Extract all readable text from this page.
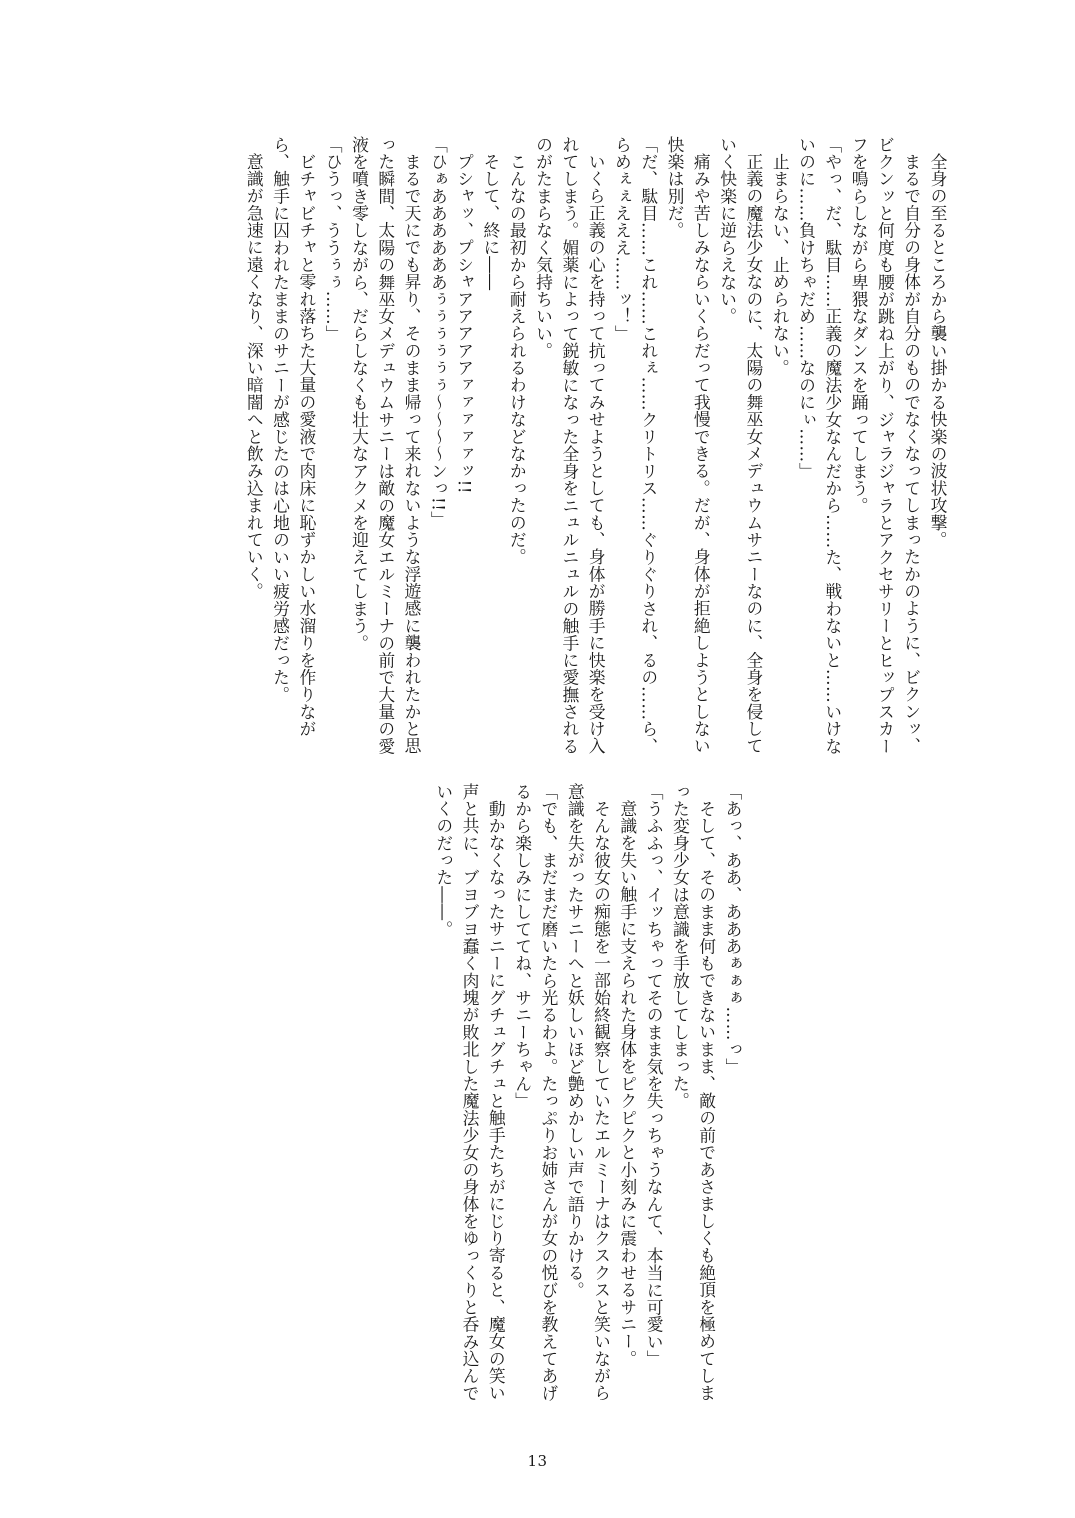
全身の至るところから襲い掛かる快楽の波状攻撃。

まるで自分の身体が自分のものでなくなってしまったかのように、ビクンッ、ビクンッと何度も腰が跳ね上がり、ジャラジャラとアクセサリーとヒップスカーフを鳴らしながら卑猥なダンスを踊ってしまう。

「やっ、だ、駄目……正義の魔法少女なんだから……た、戦わないと……いけないのに……負けちゃだめ……なのにぃ……」

止まらない、止められない。

正義の魔法少女なのに、太陽の舞巫女メデュウムサニーなのに、全身を侵していく快楽に逆らえない。

痛みや苦しみならいくらだって我慢できる。だが、身体が拒絶しようとしない快楽は別だ。

「だ、駄目……これ……これぇ……クリトリス……ぐりぐりされ、るの……ら、らめぇぇえええ……ッ！」

いくら正義の心を持って抗ってみせようとしても、身体が勝手に快楽を受け入れてしまう。媚薬によって鋭敏になった全身をニュルニュルの触手に愛撫されるのがたまらなく気持ちいい。

こんなの最初から耐えられるわけなどなかったのだ。

そして、終に――

プシャッ、プシャアアアアアァァァァァッ!!

「ひぁああああああぅぅぅぅぅぅ〜〜〜〜ンっ!!」

まるで天にでも昇り、そのまま帰って来れないような浮遊感に襲われたかと思った瞬間、太陽の舞巫女メデュウムサニーは敵の魔女エルミーナの前で大量の愛液を噴き零しながら、だらしなくも壮大なアクメを迎えてしまう。

「ひうっ、ううぅぅ……」

ビチャビチャと零れ落ちた大量の愛液で肉床に恥ずかしい水溜りを作りながら、触手に囚われたままのサニーが感じたのは心地のいい疲労感だった。

意識が急速に遠くなり、深い暗闇へと飲み込まれていく。

「あっ、ああ、あああぁぁぁ……っ」

そして、そのまま何もできないまま、敵の前であさましくも絶頂を極めてしまった変身少女は意識を手放してしまった。

「うふふっ、イッちゃってそのまま気を失っちゃうなんて、本当に可愛い」

意識を失い触手に支えられた身体をピクピクと小刻みに震わせるサニー。

そんな彼女の痴態を一部始終観察していたエルミーナはクスクスと笑いながら意識を失がったサニーへと妖しいほど艶めかしい声で語りかける。

「でも、まだまだ磨いたら光るわよ。たっぷりお姉さんが女の悦びを教えてあげるから楽しみにしててね、サニーちゃん」

動かなくなったサニーにグチュグチュと触手たちがにじり寄ると、魔女の笑い声と共に、ブヨブヨ蠢く肉塊が敗北した魔法少女の身体をゆっくりと呑み込んでいくのだった――。

13
